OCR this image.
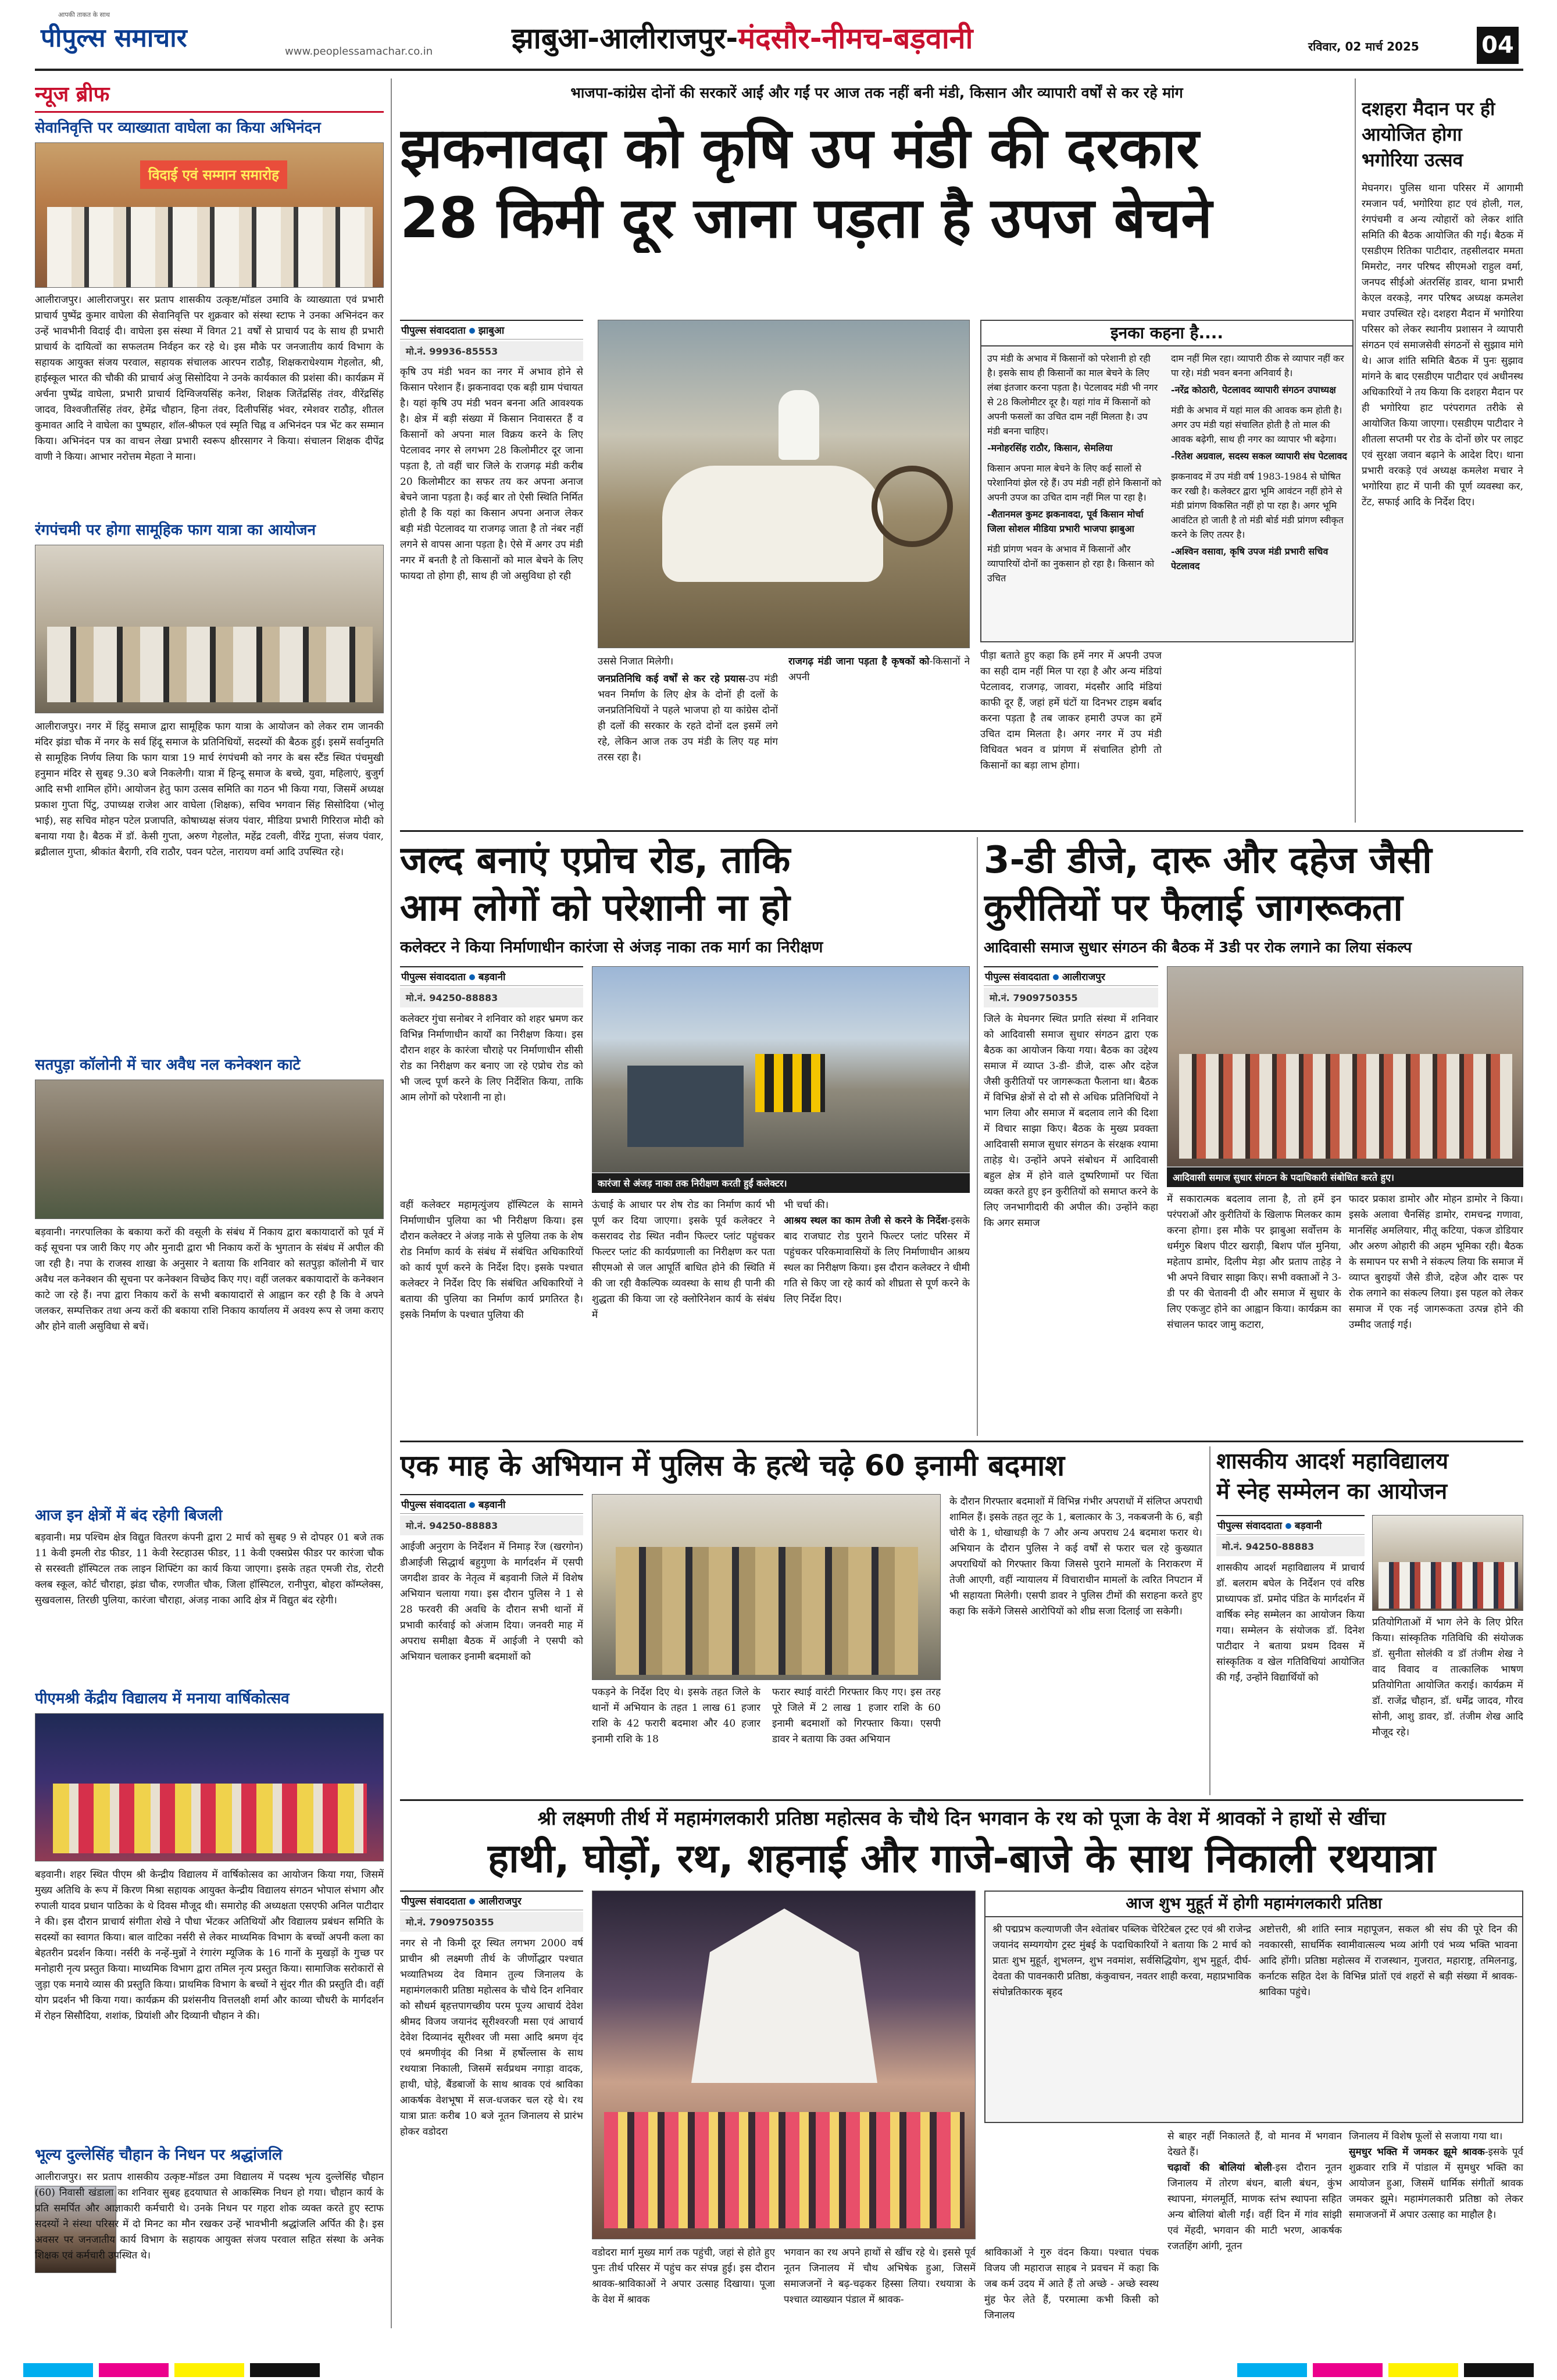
आपकी ताकत के साथ
पीपुल्स समाचार	www.peoplessamachar.co.in	झाबुआ-आलीराजपुर-मंदसौर-नीमच-बड़वानी	रविवार, 02 मार्च 2025	04
न्यूज ब्रीफ
सेवानिवृत्ति पर व्याख्याता वाघेला का किया अभिनंदन
विदाई एवं सम्मान समारोह
आलीराजपुर। आलीराजपुर। सर प्रताप शासकीय उत्कृष्ट/मॉडल उमावि के व्याख्याता एवं प्रभारी प्राचार्य पुष्पेंद्र कुमार वाघेला की सेवानिवृत्ति पर शुक्रवार को संस्था स्टाफ ने उनका अभिनंदन कर उन्हें भावभीनी विदाई दी। वाघेला इस संस्था में विगत 21 वर्षों से प्राचार्य पद के साथ ही प्रभारी प्राचार्य के दायित्वों का सफलतम निर्वहन कर रहे थे। इस मौके पर जनजातीय कार्य विभाग के सहायक आयुक्त संजय परवाल, सहायक संचालक आरपन राठौड़, शिक्षकराधेश्याम गेहलोत, श्री, हाईस्कूल भारत की चौकी की प्राचार्य अंजु सिसोदिया ने उनके कार्यकाल की प्रशंसा की। कार्यक्रम में अर्चना पुष्पेंद्र वाघेला, प्रभारी प्राचार्य दिग्विजयसिंह कनेश, शिक्षक जितेंद्रसिंह तंवर, वीरेंद्रसिंह जादव, विश्वजीतसिंह तंवर, हेमेंद्र चौहान, हिना तंवर, दिलीपसिंह भंवर, रमेशवर राठौड़, शीतल कुमावत आदि ने वाघेला का पुष्पहार, शॉल-श्रीफल एवं स्मृति चिह्न व अभिनंदन पत्र भेंट कर सम्मान किया। अभिनंदन पत्र का वाचन लेखा प्रभारी स्वरूप क्षीरसागर ने किया। संचालन शिक्षक दीपेंद्र वाणी ने किया। आभार नरोत्तम मेहता ने माना।
रंगपंचमी पर होगा सामूहिक फाग यात्रा का आयोजन
आलीराजपुर। नगर में हिंदु समाज द्वारा सामूहिक फाग यात्रा के आयोजन को लेकर राम जानकी मंदिर झंडा चौक में नगर के सर्व हिंदू समाज के प्रतिनिधियों, सदस्यों की बैठक हुई। इसमें सर्वानुमति से सामूहिक निर्णय लिया कि फाग यात्रा 19 मार्च रंगपंचमी को नगर के बस स्टैंड स्थित पंचमुखी हनुमान मंदिर से सुबह 9.30 बजे निकलेगी। यात्रा में हिन्दू समाज के बच्चे, युवा, महिलाएं, बुजुर्ग आदि सभी शामिल होंगे। आयोजन हेतु फाग उत्सव समिति का गठन भी किया गया, जिसमें अध्यक्ष प्रकाश गुप्ता पिंटु, उपाध्यक्ष राजेश आर वाघेला (शिक्षक), सचिव भगवान सिंह सिसोदिया (भोलू भाई), सह सचिव मोहन पटेल प्रजापति, कोषाध्यक्ष संजय पंवार, मीडिया प्रभारी गिरिराज मोदी को बनाया गया है। बैठक में डॉ. केसी गुप्ता, अरुण गेहलोत, महेंद्र टवली, वीरेंद्र गुप्ता, संजय पंवार, ब्रद्रीलाल गुप्ता, श्रीकांत बैरागी, रवि राठौर, पवन पटेल, नारायण वर्मा आदि उपस्थित रहे।
सतपुड़ा कॉलोनी में चार अवैध नल कनेक्शन काटे
बड़वानी। नगरपालिका के बकाया करों की वसूली के संबंध में निकाय द्वारा बकायादारों को पूर्व में कई सूचना पत्र जारी किए गए और मुनादी द्वारा भी निकाय करों के भुगतान के संबंध में अपील की जा रही है। नपा के राजस्व शाखा के अनुसार ने बताया कि शनिवार को सतपुड़ा कॉलोनी में चार अवैध नल कनेक्शन की सूचना पर कनेक्शन विच्छेद किए गए। वहीं जलकर बकायादारों के कनेक्शन काटे जा रहे हैं। नपा द्वारा निकाय करों के सभी बकायादारों से आह्वान कर रही है कि वे अपने जलकर, सम्पत्तिकर तथा अन्य करों की बकाया राशि निकाय कार्यालय में अवश्य रूप से जमा कराए और होने वाली असुविधा से बचें।
आज इन क्षेत्रों में बंद रहेगी बिजली
बड़वानी। मप्र पश्चिम क्षेत्र विद्युत वितरण कंपनी द्वारा 2 मार्च को सुबह 9 से दोपहर 01 बजे तक 11 केवी इमली रोड फीडर, 11 केवी रेस्टहाउस फीडर, 11 केवी एक्सप्रेस फीडर पर कारंजा चौक से सरस्वती हॉस्पिटल तक लाइन शिफ्टिंग का कार्य किया जाएगा। इसके तहत एमजी रोड, रोटरी क्लब स्कूल, कोर्ट चौराहा, झंडा चौक, रणजीत चौक, जिला हॉस्पिटल, रानीपुरा, बोहरा कॉम्प्लेक्स, सुखवलास, तिरछी पुलिया, कारंजा चौराहा, अंजड़ नाका आदि क्षेत्र में विद्युत बंद रहेगी।
पीएमश्री केंद्रीय विद्यालय में मनाया वार्षिकोत्सव
बड़वानी। शहर स्थित पीएम श्री केन्द्रीय विद्यालय में वार्षिकोत्सव का आयोजन किया गया, जिसमें मुख्य अतिथि के रूप में किरण मिश्रा सहायक आयुक्त केन्द्रीय विद्यालय संगठन भोपाल संभाग और रुपाली यादव प्रधान पाठिका के थे दिवस मौजूद थी। समारोह की अध्यक्षता एसएफी अनिल पाटीदार ने की। इस दौरान प्राचार्य संगीता शेखे ने पौधा भेंटकर अतिथियों और विद्यालय प्रबंधन समिति के सदस्यों का स्वागत किया। बाल वाटिका नर्सरी से लेकर माध्यमिक विभाग के बच्चों अपनी कला का बेहतरीन प्रदर्शन किया। नर्सरी के नन्हें-मुन्नों ने रंगारंग म्यूजिक के 16 गानों के मुखड़ों के गुच्छ पर मनोहारी नृत्य प्रस्तुत किया। माध्यमिक विभाग द्वारा तमिल नृत्य प्रस्तुत किया। सामाजिक सरोकारों से जुड़ा एक मनाये व्यास की प्रस्तुति किया। प्राथमिक विभाग के बच्चों ने सुंदर गीत की प्रस्तुति दी। वहीं योग प्रदर्शन भी किया गया। कार्यक्रम की प्रशंसनीय वित्तलक्षी शर्मा और काव्या चौधरी के मार्गदर्शन में रोहन सिसौदिया, शशांक, प्रियांशी और दिव्यानी चौहान ने की।
भूल्य दुल्लेसिंह चौहान के निधन पर श्रद्धांजलि
आलीराजपुर। सर प्रताप शासकीय उत्कृष्ट-मॉडल उमा विद्यालय में पदस्थ भृत्य दुल्लेसिंह चौहान (60) निवासी खंडाला का शनिवार सुबह हृदयाघात से आकस्मिक निधन हो गया। चौहान कार्य के प्रति समर्पित और आज्ञाकारी कर्मचारी थे। उनके निधन पर गहरा शोक व्यक्त करते हुए स्टाफ सदस्यों ने संस्था परिसर में दो मिनट का मौन रखकर उन्हें भावभीनी श्रद्धांजलि अर्पित की है। इस अवसर पर जनजातीय कार्य विभाग के सहायक आयुक्त संजय परवाल सहित संस्था के अनेक शिक्षक एवं कर्मचारी उपस्थित थे।
भाजपा-कांग्रेस दोनों की सरकारें आईं और गईं पर आज तक नहीं बनी मंडी, किसान और व्यापारी वर्षों से कर रहे मांग
झकनावदा को कृषि उप मंडी की दरकार
28 किमी दूर जाना पड़ता है उपज बेचने
पीपुल्स संवाददाता झाबुआ
मो.नं. 99936-85553
कृषि उप मंडी भवन का नगर में अभाव होने से किसान परेशान हैं। झकनावदा एक बड़ी ग्राम पंचायत है। यहां कृषि उप मंडी भवन बनना अति आवश्यक है। क्षेत्र में बड़ी संख्या में किसान निवासरत हैं व किसानों को अपना माल विक्रय करने के लिए पेटलावद नगर से लगभग 28 किलोमीटर दूर जाना पड़ता है, तो वहीं चार जिले के राजगढ़ मंडी करीब 20 किलोमीटर का सफर तय कर अपना अनाज बेचने जाना पड़ता है। कई बार तो ऐसी स्थिति निर्मित होती है कि यहां का किसान अपना अनाज लेकर बड़ी मंडी पेटलावद या राजगढ़ जाता है तो नंबर नहीं लगने से वापस आना पड़ता है। ऐसे में अगर उप मंडी नगर में बनती है तो किसानों को माल बेचने के लिए फायदा तो होगा ही, साथ ही जो असुविधा हो रही
उससे निजात मिलेगी।
जनप्रतिनिधि कई वर्षों से कर रहे प्रयास-उप मंडी भवन निर्माण के लिए क्षेत्र के दोनों ही दलों के जनप्रतिनिधियों ने पहले भाजपा हो या कांग्रेस दोनों ही दलों की सरकार के रहते दोनों दल इसमें लगे रहे, लेकिन आज तक उप मंडी के लिए यह मांग तरस रहा है।
राजगढ़ मंडी जाना पड़ता है कृषकों को-किसानों ने अपनी
पीड़ा बताते हुए कहा कि हमें नगर में अपनी उपज का सही दाम नहीं मिल पा रहा है और अन्य मंडियां पेटलावद, राजगढ़, जावरा, मंदसौर आदि मंडियां काफी दूर हैं, जहां हमें घंटों या दिनभर टाइम बर्बाद करना पड़ता है तब जाकर हमारी उपज का हमें उचित दाम मिलता है। अगर नगर में उप मंडी विधिवत भवन व प्रांगण में संचालित होगी तो किसानों का बड़ा लाभ होगा।
इनका कहना है....
उप मंडी के अभाव में किसानों को परेशानी हो रही है। इसके साथ ही किसानों का माल बेचने के लिए लंबा इंतजार करना पड़ता है। पेटलावद मंडी भी नगर से 28 किलोमीटर दूर है। यहां गांव में किसानों को अपनी फसलों का उचित दाम नहीं मिलता है। उप मंडी बनना चाहिए।
-मनोहरसिंह राठौर, किसान, सेमलिया
किसान अपना माल बेचने के लिए कई सालों से परेशानियां झेल रहे हैं। उप मंडी नहीं होने किसानों को अपनी उपज का उचित दाम नहीं मिल पा रहा है।
-शैतानमल कुमट झकनावदा, पूर्व किसान मोर्चा जिला सोशल मीडिया प्रभारी भाजपा झाबुआ
मंडी प्रांगण भवन के अभाव में किसानों और व्यापारियों दोनों का नुकसान हो रहा है। किसान को उचित
दाम नहीं मिल रहा। व्यापारी ठीक से व्यापार नहीं कर पा रहे। मंडी भवन बनना अनिवार्य है।
-नरेंद्र कोठारी, पेटलावद व्यापारी संगठन उपाध्यक्ष
मंडी के अभाव में यहां माल की आवक कम होती है। अगर उप मंडी यहां संचालित होती है तो माल की आवक बढ़ेगी, साथ ही नगर का व्यापार भी बढ़ेगा।
-रितेश अग्रवाल, सदस्य सकल व्यापारी संघ पेटलावद
झकनावद में उप मंडी वर्ष 1983-1984 से घोषित कर रखी है। कलेक्टर द्वारा भूमि आवंटन नहीं होने से मंडी प्रांगण विकसित नहीं हो पा रहा है। अगर भूमि आवंटित हो जाती है तो मंडी बोर्ड मंडी प्रांगण स्वीकृत करने के लिए तत्पर है।
-अश्विन वसावा, कृषि उपज मंडी प्रभारी सचिव पेटलावद
दशहरा मैदान पर ही आयोजित होगा भगोरिया उत्सव
मेघनगर। पुलिस थाना परिसर में आगामी रमजान पर्व, भगोरिया हाट एवं होली, गल, रंगपंचमी व अन्य त्योहारों को लेकर शांति समिति की बैठक आयोजित की गई। बैठक में एसडीएम रितिका पाटीदार, तहसीलदार ममता मिमरोट, नगर परिषद सीएमओ राहुल वर्मा, जनपद सीईओ अंतरसिंह डावर, थाना प्रभारी केएल वरकड़े, नगर परिषद अध्यक्ष कमलेश मचार उपस्थित रहे। दशहरा मैदान में भगोरिया परिसर को लेकर स्थानीय प्रशासन ने व्यापारी संगठन एवं समाजसेवी संगठनों से सुझाव मांगे थे। आज शांति समिति बैठक में पुनः सुझाव मांगने के बाद एसडीएम पाटीदार एवं अधीनस्थ अधिकारियों ने तय किया कि दशहरा मैदान पर ही भगोरिया हाट परंपरागत तरीके से आयोजित किया जाएगा। एसडीएम पाटीदार ने शीतला सप्तमी पर रोड के दोनों छोर पर लाइट एवं सुरक्षा जवान बढ़ाने के आदेश दिए। थाना प्रभारी वरकड़े एवं अध्यक्ष कमलेश मचार ने भगोरिया हाट में पानी की पूर्ण व्यवस्था कर, टेंट, सफाई आदि के निर्देश दिए।
जल्द बनाएं एप्रोच रोड, ताकि
आम लोगों को परेशानी ना हो
कलेक्टर ने किया निर्माणाधीन कारंजा से अंजड़ नाका तक मार्ग का निरीक्षण
पीपुल्स संवाददाता बड़वानी
मो.नं. 94250-88883
कलेक्टर गुंचा सनोबर ने शनिवार को शहर भ्रमण कर विभिन्न निर्माणाधीन कार्यों का निरीक्षण किया। इस दौरान शहर के कारंजा चौराहे पर निर्माणाधीन सीसी रोड का निरीक्षण कर बनाए जा रहे एप्रोच रोड को भी जल्द पूर्ण करने के लिए निर्देशित किया, ताकि आम लोगों को परेशानी ना हो।
कारंजा से अंजड़ नाका तक निरीक्षण करती हुईं कलेक्टर।
वहीं कलेक्टर महामृत्युंजय हॉस्पिटल के सामने निर्माणाधीन पुलिया का भी निरीक्षण किया। इस दौरान कलेक्टर ने अंजड़ नाके से पुलिया तक के शेष रोड निर्माण कार्य के संबंध में संबंधित अधिकारियों को कार्य पूर्ण करने के निर्देश दिए। इसके पश्चात कलेक्टर ने निर्देश दिए कि संबंधित अधिकारियों ने बताया की पुलिया का निर्माण कार्य प्रगतिरत है। इसके निर्माण के पश्चात पुलिया की
ऊंचाई के आधार पर शेष रोड का निर्माण कार्य भी पूर्ण कर दिया जाएगा। इसके पूर्व कलेक्टर ने कसरावद रोड स्थित नवीन फिल्टर प्लांट पहुंचकर फिल्टर प्लांट की कार्यप्रणाली का निरीक्षण कर पता सीएमओ से जल आपूर्ति बाधित होने की स्थिति में की जा रही वैकल्पिक व्यवस्था के साथ ही पानी की शुद्धता की किया जा रहे क्लोरिनेशन कार्य के संबंध में
भी चर्चा की।
आश्रय स्थल का काम तेजी से करने के निर्देश-इसके बाद राजघाट रोड पुराने फिल्टर प्लांट परिसर में पहुंचकर परिकमावासियों के लिए निर्माणाधीन आश्रय स्थल का निरीक्षण किया। इस दौरान कलेक्टर ने धीमी गति से किए जा रहे कार्य को शीघ्रता से पूर्ण करने के लिए निर्देश दिए।
3-डी डीजे, दारू और दहेज जैसी
कुरीतियों पर फैलाई जागरूकता
आदिवासी समाज सुधार संगठन की बैठक में 3डी पर रोक लगाने का लिया संकल्प
पीपुल्स संवाददाता आलीराजपुर
मो.नं. 7909750355
जिले के मेघनगर स्थित प्रगति संस्था में शनिवार को आदिवासी समाज सुधार संगठन द्वारा एक बैठक का आयोजन किया गया। बैठक का उद्देश्य समाज में व्याप्त 3-डी- डीजे, दारू और दहेज जैसी कुरीतियों पर जागरूकता फैलाना था। बैठक में विभिन्न क्षेत्रों से दो सौ से अधिक प्रतिनिधियों ने भाग लिया और समाज में बदलाव लाने की दिशा में विचार साझा किए। बैठक के मुख्य प्रवक्ता आदिवासी समाज सुधार संगठन के संरक्षक श्यामा ताहेड़ थे। उन्होंने अपने संबोधन में आदिवासी बहुल क्षेत्र में होने वाले दुष्परिणामों पर चिंता व्यक्त करते हुए इन कुरीतियों को समाप्त करने के लिए जनभागीदारी की अपील की। उन्होंने कहा कि अगर समाज
आदिवासी समाज सुधार संगठन के पदाधिकारी संबोधित करते हुए।
में सकारात्मक बदलाव लाना है, तो हमें इन परंपराओं और कुरीतियों के खिलाफ मिलकर काम करना होगा। इस मौके पर झाबुआ सर्वोत्तम के धर्मगुरु बिशप पीटर खराड़ी, बिशप पॉल मुनिया, महेताप डामोर, दिलीप मेड़ा और प्रताप ताहेड़ ने भी अपने विचार साझा किए। सभी वक्ताओं ने 3-डी पर की चेतावनी दी और समाज में सुधार के लिए एकजुट होने का आह्वान किया। कार्यक्रम का संचालन फादर जामु कटारा,
फादर प्रकाश डामोर और मोहन डामोर ने किया। इसके अलावा चैनसिंह डामोर, रामचन्द्र गणावा, मानसिंह अमलियार, मीतू कटिया, पंकज डोडियार और अरुण ओहारी की अहम भूमिका रही। बैठक के समापन पर सभी ने संकल्प लिया कि समाज में व्याप्त बुराइयों जैसे डीजे, दहेज और दारू पर रोक लगाने का संकल्प लिया। इस पहल को लेकर समाज में एक नई जागरूकता उत्पन्न होने की उम्मीद जताई गई।
एक माह के अभियान में पुलिस के हत्थे चढ़े 60 इनामी बदमाश
पीपुल्स संवाददाता बड़वानी
मो.नं. 94250-88883
आईजी अनुराग के निर्देशन में निमाड़ रेंज (खरगोन) डीआईजी सिद्धार्थ बहुगुणा के मार्गदर्शन में एसपी जगदीश डावर के नेतृत्व में बड़वानी जिले में विशेष अभियान चलाया गया। इस दौरान पुलिस ने 1 से 28 फरवरी की अवधि के दौरान सभी थानों में प्रभावी कार्रवाई को अंजाम दिया। जनवरी माह में अपराध समीक्षा बैठक में आईजी ने एसपी को अभियान चलाकर इनामी बदमाशों को
पकड़ने के निर्देश दिए थे। इसके तहत जिले के थानों में अभियान के तहत 1 लाख 61 हजार राशि के 42 फरारी बदमाश और 40 हजार इनामी राशि के 18
फरार स्थाई वारंटी गिरफ्तार किए गए। इस तरह पूरे जिले में 2 लाख 1 हजार राशि के 60 इनामी बदमाशों को गिरफ्तार किया। एसपी डावर ने बताया कि उक्त अभियान
के दौरान गिरफ्तार बदमाशों में विभिन्न गंभीर अपराधों में संलिप्त अपराधी शामिल हैं। इसके तहत लूट के 1, बलात्कार के 3, नकबजनी के 6, बड़ी चोरी के 1, धोखाधड़ी के 7 और अन्य अपराध 24 बदमाश फरार थे। अभियान के दौरान पुलिस ने कई वर्षों से फरार चल रहे कुख्यात अपराधियों को गिरफ्तार किया जिससे पुराने मामलों के निराकरण में तेजी आएगी, वहीं न्यायालय में विचाराधीन मामलों के त्वरित निपटान में भी सहायता मिलेगी। एसपी डावर ने पुलिस टीमों की सराहना करते हुए कहा कि सकेंगे जिससे आरोपियों को शीघ्र सजा दिलाई जा सकेगी।
शासकीय आदर्श महाविद्यालय
में स्नेह सम्मेलन का आयोजन
पीपुल्स संवाददाता बड़वानी
मो.नं. 94250-88883
शासकीय आदर्श महाविद्यालय में प्राचार्य डॉ. बलराम बघेल के निर्देशन एवं वरिष्ठ प्राध्यापक डॉ. प्रमोद पंडित के मार्गदर्शन में वार्षिक स्नेह सम्मेलन का आयोजन किया गया। सम्मेलन के संयोजक डॉ. दिनेश पाटीदार ने बताया प्रथम दिवस में सांस्कृतिक व खेल गतिविधियां आयोजित की गईं, उन्होंने विद्यार्थियों को
प्रतियोगिताओं में भाग लेने के लिए प्रेरित किया। सांस्कृतिक गतिविधि की संयोजक डॉ. सुनीता सोलंकी व डॉ तंजीम शेख ने वाद विवाद व तात्कालिक भाषण प्रतियोगिता आयोजित कराई। कार्यक्रम में डॉ. राजेंद्र चौहान, डॉ. धर्मेंद्र जादव, गौरव सोनी, आशु डावर, डॉ. तंजीम शेख आदि मौजूद रहे।
श्री लक्ष्मणी तीर्थ में महामंगलकारी प्रतिष्ठा महोत्सव के चौथे दिन भगवान के रथ को पूजा के वेश में श्रावकों ने हाथों से खींचा
हाथी, घोड़ों, रथ, शहनाई और गाजे-बाजे के साथ निकाली रथयात्रा
पीपुल्स संवाददाता आलीराजपुर
मो.नं. 7909750355
नगर से नौ किमी दूर स्थित लगभग 2000 वर्ष प्राचीन श्री लक्ष्मणी तीर्थ के जीर्णोद्धार पश्चात भव्यातिभव्य देव विमान तुल्य जिनालय के महामंगलकारी प्रतिष्ठा महोत्सव के चौथे दिन शनिवार को सौधर्म बृहत्तपागच्छीय परम पूज्य आचार्य देवेश श्रीमद विजय जयानंद सूरीश्वरजी मसा एवं आचार्य देवेश दिव्यानंद सूरीश्वर जी मसा आदि श्रमण वृंद एवं श्रमणीवृंद की निश्रा में हर्षोल्लास के साथ रथयात्रा निकाली, जिसमें सर्वप्रथम नगाड़ा वादक, हाथी, घोड़े, बैंडबाजों के साथ श्रावक एवं श्राविका आकर्षक वेशभूषा में सज-धजकर चल रहे थे। रथ यात्रा प्रातः करीब 10 बजे नूतन जिनालय से प्रारंभ होकर वडोदरा
वडोदरा मार्ग मुख्य मार्ग तक पहुंची, जहां से होते हुए पुनः तीर्थ परिसर में पहुंच कर संपन्न हुई। इस दौरान श्रावक-श्राविकाओं ने अपार उत्साह दिखाया। पूजा के वेश में श्रावक
भगवान का रथ अपने हाथों से खींच रहे थे। इससे पूर्व नूतन जिनालय में चौथ अभिषेक हुआ, जिसमें समाजजनों ने बढ़-चढ़कर हिस्सा लिया। रथयात्रा के पश्चात व्याख्यान पंडाल में श्रावक-
आज शुभ मुहूर्त में होगी महामंगलकारी प्रतिष्ठा
श्री पद्मप्रभ कल्याणजी जैन श्वेतांबर पब्लिक चेरिटेबल ट्रस्ट एवं श्री राजेन्द्र जयानंद सम्यगयोग ट्रस्ट मुंबई के पदाधिकारियों ने बताया कि 2 मार्च को प्रातः शुभ मुहूर्त, शुभलग्न, शुभ नवमांश, सर्वसिद्धियोग, शुभ मुहूर्त, दीर्घ-देवता की पावनकारी प्रतिष्ठा, कंकुवाचन, नवतर शाही करवा, महाप्रभाविक संघोन्नतिकारक बृहद
अष्टोत्तरी, श्री शांति स्नात्र महापूजन, सकल श्री संघ की पूरे दिन की नवकारसी, साधर्मिक स्वामीवात्सल्य भव्य आंगी एवं भव्य भक्ति भावना आदि होंगी। प्रतिष्ठा महोत्सव में राजस्थान, गुजरात, महाराष्ट्र, तमिलनाडु, कर्नाटक सहित देश के विभिन्न प्रांतों एवं शहरों से बड़ी संख्या में श्रावक-श्राविका पहुंचे।
श्राविकाओं ने गुरु वंदन किया। पश्चात पंचक विजय जी महाराज साहब ने प्रवचन में कहा कि जब कर्म उदय में आते हैं तो अच्छे - अच्छे स्वस्थ मुंह फेर लेते हैं, परमात्मा कभी किसी को जिनालय
से बाहर नहीं निकालते हैं, वो मानव में भगवान देखते हैं।
चढ़ावों की बोलियां बोली-इस दौरान नूतन जिनालय में तोरण बंधन, बाली बंधन, कुंभ स्थापना, मंगलमूर्ति, माणक स्तंभ स्थापना सहित अन्य बोलियां बोली गईं। वहीं दिन में गांव सांझी एवं मेंहदी, भगवान की माटी भरण, आकर्षक रजतहिंग आंगी, नूतन
जिनालय में विशेष फूलों से सजाया गया था।
सुमधुर भक्ति में जमकर झूमे श्रावक-इसके पूर्व शुक्रवार रात्रि में पांडाल में सुमधुर भक्ति का आयोजन हुआ, जिसमें धार्मिक संगीतों श्रावक जमकर झूमे। महामंगलकारी प्रतिष्ठा को लेकर समाजजनों में अपार उत्साह का माहौल है।
